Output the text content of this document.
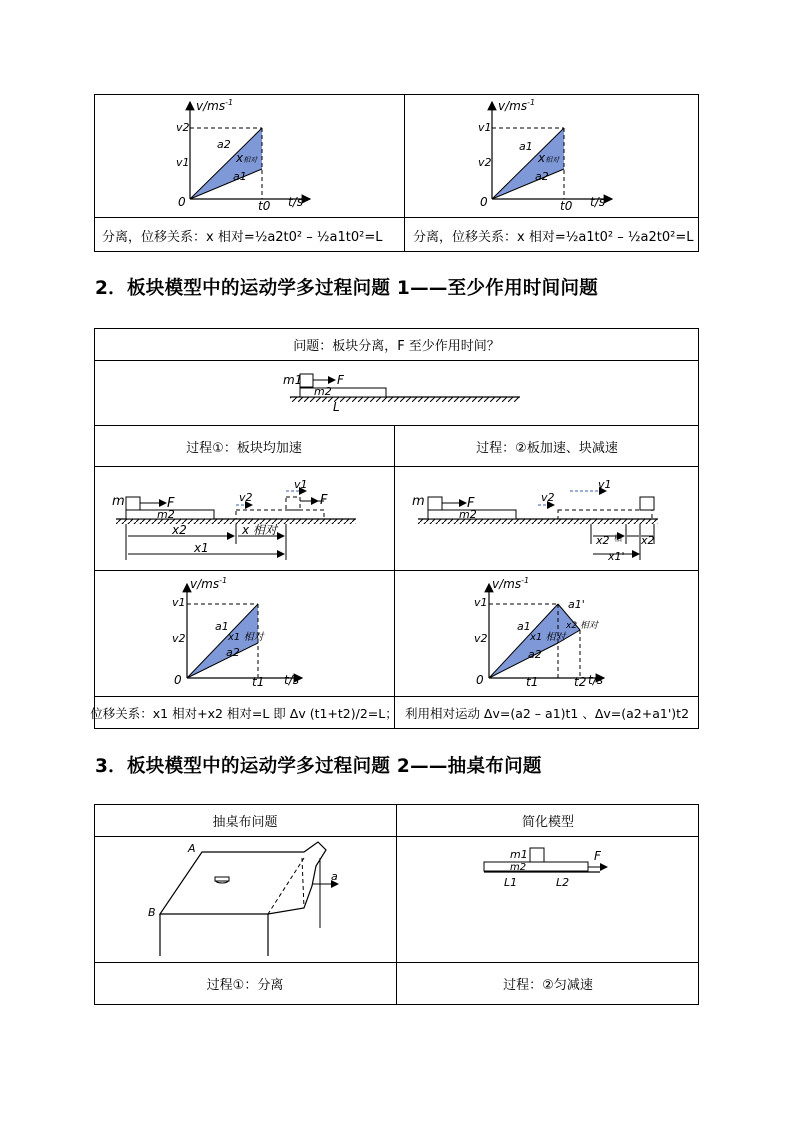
$v/ms^{-1}$
v2
v1
a2
a1
x相对
0	t0 t/s
$v/ms^{-1}$
v1
v2
a1
a2
x相对
0	t0 t/s
分离，位移关系：x 相对=½a2t0² – ½a1t0²=L	分离，位移关系：x 相对=½a1t0² – ½a2t0²=L
2．板块模型中的运动学多过程问题 1——至少作用时间问题
问题：板块分离，F 至少作用时间？
m1	F
m2
L
过程①：板块均加速	过程：②板加速、块减速
m	F
m2
F
v2
v1
x2	x 相对
x1
m	F
m2
v2
v1
x2 相 x2
x1'
$v/ms^{-1}$
v1
v2
a1
a2
x1 相对
0	t1 t/s
$v/ms^{-1}$
v1
v2
a1
a2
a1'
x1 相对
x2 相对
0	t1	t2 t/s
位移关系：x1 相对+x2 相对=L 即 Δv (t1+t2)/2=L； 利用相对运动 Δv=(a2 – a1)t1 、Δv=(a2+a1')t2
3．板块模型中的运动学多过程问题 2——抽桌布问题
抽桌布问题	简化模型
a
A
B
m1
m2
F
L1	L2
过程①：分离	过程：②匀减速
